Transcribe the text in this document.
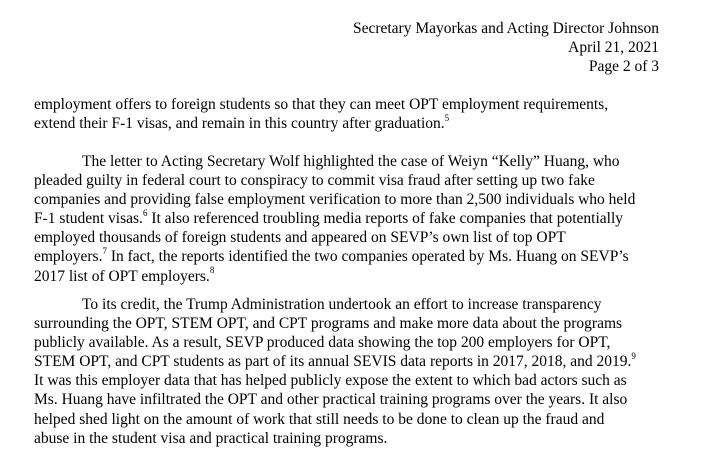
Secretary Mayorkas and Acting Director Johnson
April 21, 2021
Page 2 of 3
employment offers to foreign students so that they can meet OPT employment requirements,
extend their F-1 visas, and remain in this country after graduation.$^5$
The letter to Acting Secretary Wolf highlighted the case of Weiyn “Kelly” Huang, who
pleaded guilty in federal court to conspiracy to commit visa fraud after setting up two fake
companies and providing false employment verification to more than 2,500 individuals who held
F-1 student visas.$^6$ It also referenced troubling media reports of fake companies that potentially
employed thousands of foreign students and appeared on SEVP’s own list of top OPT
employers.$^7$ In fact, the reports identified the two companies operated by Ms. Huang on SEVP’s
2017 list of OPT employers.$^8$
To its credit, the Trump Administration undertook an effort to increase transparency
surrounding the OPT, STEM OPT, and CPT programs and make more data about the programs
publicly available. As a result, SEVP produced data showing the top 200 employers for OPT,
STEM OPT, and CPT students as part of its annual SEVIS data reports in 2017, 2018, and 2019.$^9$
It was this employer data that has helped publicly expose the extent to which bad actors such as
Ms. Huang have infiltrated the OPT and other practical training programs over the years. It also
helped shed light on the amount of work that still needs to be done to clean up the fraud and
abuse in the student visa and practical training programs.
